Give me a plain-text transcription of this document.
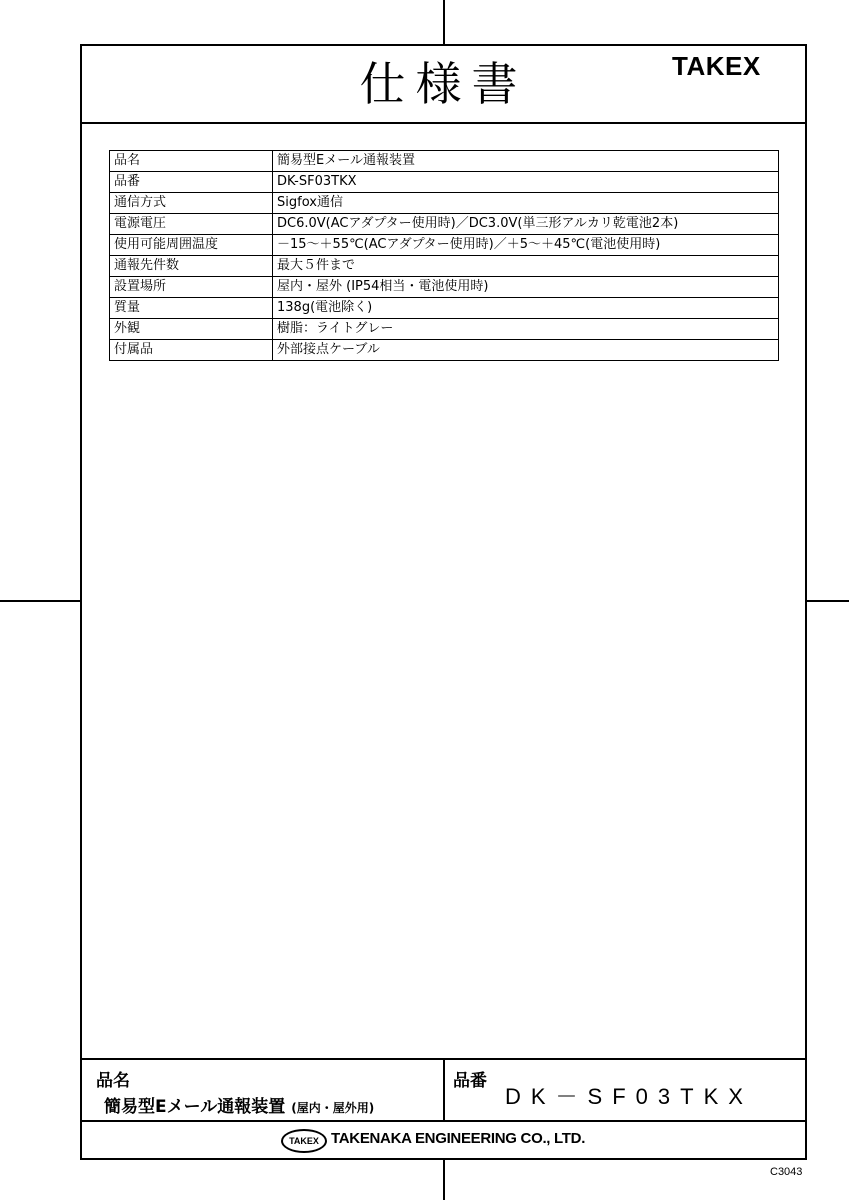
仕様書	TAKEX
品名	簡易型Eメール通報装置
品番	DK-SF03TKX
通信方式	Sigfox通信
電源電圧	DC6.0V(ACアダプター使用時)／DC3.0V(単三形アルカリ乾電池2本)
使用可能周囲温度	－15～＋55℃(ACアダプター使用時)／＋5～＋45℃(電池使用時)
通報先件数	最大５件まで
設置場所	屋内・屋外 (IP54相当・電池使用時)
質量	138g(電池除く)
外観	樹脂：ライトグレー
付属品	外部接点ケーブル
品名
簡易型Eメール通報装置 (屋内・屋外用)
品番
DK－SF03TKX
TAKEX TAKENAKA ENGINEERING CO., LTD.
C3043
